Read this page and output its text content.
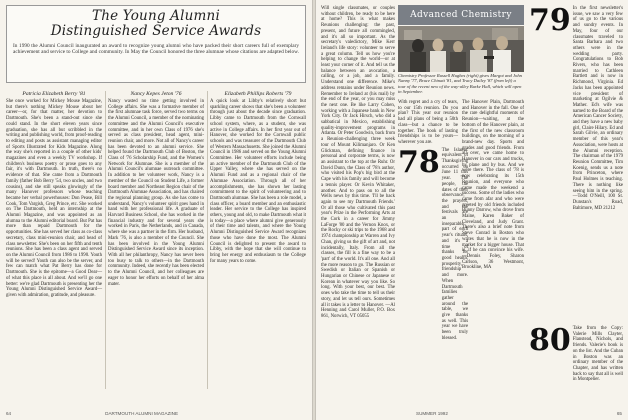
The Young Alumni
Distinguished Service Awards
In 1990 the Alumni Council inaugurated an award to recognize young alumni who have packed their short careers full of exemplary achievement and service to College and community. In May the Council honored the three alumnae whose citations are adapted below.
Patricia Elizabeth Berry '81
She once worked for Mickey Mouse Magazine, but there's nothing Mickey Mouse about her career—or, for that matter, her devotion to Dartmouth. She's been a stand-out since she could stand. In the short eleven years since graduation, she has all but scribbled in the writing and publishing world, from proof-reading to editing and posts as assistant managing editor of Sports Illustrated for Kids Magazine. Along the way she's reported in a couple of other kids' magazines and even a weekly TV workshop. If children's business poetry or prose goes to any fair, it's with Dartmouth. In truth, there's no evidence of that. She came from a Dartmouth family (father Bob Berry '54, two uncles, and two cousins), and she still speaks glowingly of the many Hanover professors whose teaching became her verbal powerhouses: Don Pease, Bill Cook, Tom Vargish, Greg Prince, etc. She worked on The Dartmouth, held an internship at the Alumni Magazine, and was appointed as an alumna to the Alumni editorial board. But Pat has more than repaid Dartmouth for the opportunities. She has served her class as co-class secretary, class mini-reunion chair, and head of class newsletter. She's been on her fifth and tenth reunions. She has been a class agent and served on the Alumni Council from 1986 to 1990. Youth will be served! Youth can also be the server, and few can match what Pat Berry has done for Dartmouth. She is the epitome—a Good Dear—of what this place is all about. And we'll go one better: we're glad Dartmouth is presenting her the Young Alumni Distinguished Service Award—given with admiration, gratitude, and pleasure.
Nancy Kepes Jeton '76
Nancy wasted no time getting involved in College affairs. She was a formative member of the first alumnae task force, served two terms on the Alumni Council, a member of the nominating committee and the Alumni Council's executive committee, and in her own Class of 1976 she's served as class president, head agent, mini-reunion chair, and more. Not all of Nancy's career has been devoted to an alumni service. She helped found the Dartmouth Club of Boston, the Class of '76 Scholarship Fund, and the Women's Network for Alumnae. She is a member of the Alumni Council's alumnae outreach committee. In addition to her volunteer work, Nancy is a member of the Council on Student Life, a former board member and Northeast Region chair of the Dartmouth Alumnae Association, and has chaired the regional planning group. As she has come to understand, Nancy's volunteer spirit goes hand in hand with her professional life. A graduate of Harvard Business School, she has worked in the financial industry and for several years she worked in Paris, the Netherlands, and in Canada, where she was a partner in the firm. Her husband, Mark '76, is also a member of the Council. She has been involved in the Young Alumni Distinguished Service Award since its inception. With all her philanthropy, Nancy has never been too busy to talk to others—in the Dartmouth community. Indeed, she recently has been elected to the Alumni Council, and her colleagues are eager to honor her efforts on behalf of her alma mater.
Elizabeth Phillips Roberts '79
A quick look at Libby's relatively short but sparkling career shows that she's been a volunteer through just about the decade since graduation. Libby came to Dartmouth from the Cornwall school system, where, as a student, she was active in College affairs. In her first year out of Hanover, she worked for the Cornwall public schools and was treasurer of the Dartmouth Club of Western Massachusetts. She joined the Alumni Council in 1986 and served on the Young Alumni Committee. Her volunteer efforts include being an active member of the Dartmouth Club of the Upper Valley, where she has served on the Alumni Fund and as a regional chair of the Alumnae Association. Through all of her accomplishments, she has shown her lasting commitment to the spirit of volunteering and to Dartmouth alumnae. She has been a role model, a class officer, a board member and an enthusiastic leader. Her service to the College has inspired others, young and old, to make Dartmouth what it is today—a place where alumni give generously of their time and talents, and where the Young Alumni Distinguished Service Award recognizes those who have done the most. The Alumni Council is delighted to present the award to Libby, with the hope that she will continue to bring her energy and enthusiasm to the College for many years to come.
64	DARTMOUTH ALUMNI MAGAZINE

Will single classmates, or couples without children, be ready to be here at home? This is what makes Reunions challenging: the past, present, and future all commingled, and it's all so important. As the secretary's valedictory, Mike Kerr Ireland's life story: volunteer to serve a great column. Tell us how you're helping to change the world—or at least your corner of it. And tell us the balance between an avocation, a calling, or a job, and a family. Understand one difference. Mike's address remains under Reunion news. Remember to Ireland at (his mail) by the end of the year, or you may miss the next one. Be like Larry Cohen, working with a Japanese bank in New York City. Or Jack Hirsch, who did a sabbatical in Mexico, establishing quality-improvement programs in Atlanta. Or Peter Goodwin, back from a Reunion-challenging three week tour of Mount Kilimanjaro. Or Ken Glickman, defining finance in personal and corporate terms, is now an assistant to the top at the Ruhr. Or David Dunn, the Class of '78's author, who visited his Pop's big bird at the Cape with his family and will become a tennis player. Or Kevin Whitaker, another. And to pass on to all the Wells news by this time. 'I'll be back again to see my Dartmouth Friends.' Or all those who cultivated this past year's Prize in the Performing Arts at the Cork in a career for Jimmy LaForge '80 and the Vernon Knox, or the Rocky or ski trips to the 1968 and 1974 championship at Warren and Ivy Chan, giving us the gift of art and, not incidentally, Italy. From all the classes, the fill is a fine way to be a 'part' of the world. It's all one. And all the more reason to go. The Russian or Swedish or Italian or Spanish or Hungarian or Chinese or Japanese or Korean in whatever way you like. So long. With your best, our best. The ones who take the time to tell us their story, and let us tell ours. Sometimes all it takes is a letter to Hanover. —Al Henning and Carol Muller, P.O. Box 861, Norwich, VT 05055

Advanced Chemistry
Chemistry Professor Russell Hughes (right) gives Margot and John Nanny '77, Bruce Chinatt '81, and Tracy Dailey '87 (from left) a tour of the recent new of the way-alley Burke Hall, which will open in September.

With regret and a cry of tears, to our 15th reunion. Do you plan? This year our reunion had all plans of being a 50th class—but a chance to be together. The book of lasting friendships is to be yours—wherever you are.

78 The Islamic equivalent of Thanksgiving occurred on June 11 this year. The people, the dates of their observance, the prayers, and the festivals are an inseparable part of each year's rituals, and it's a time of thanks for good health, prosperity, friendship and more. When Dartmouth families gather around the table, we give thanks as well. This year we have been truly blessed.

The Hanover Plain, Dartmouth and Hanover in the fall. One of the rare delightful moments of Reunion—waiting, at the bottom of the Hanover plain, at the first of the new classroom buildings, on the morning of a brand-new day. Sports and grades and good friends. From all over, we came home to Hanover in our cars and trucks, by plane and by bus. And we were there. The class of '78 is now celebrating its 15th Reunion, and everyone who came made the weekend a success. Some of the ladies who came from afar and who were greeted by old friends included Bunny Darrow, who drove from Maine, Karen Baker of Cleveland, and Judy Grant. There's also a brief note from Steve Conrad in Boston who writes that he is now in the market for a bigger house. That is, if he can convince his wife. —Dennis Foley, Sharon Carlson, 36 Westmont, Brookline, MA

79 In the first newsletter's issue, we saw a very few of us go to the various and sundry events. In May, four of our classmates traveled to Santa Barbara and two others were in the wedding party. Congratulations to Bob Rivers, who has been married to Cathleen Bartlett and is now in Richmond, Virginia. Ed Jacks has been appointed vice president of marketing at Ogilvie & Mather. Ed's wife was named to the Board of the American Cancer Society, and they have a new baby girl, Claire Hilary. Ed and Sarah Gilvie, an ordinary member of this year's Association, were hosts at the Alumni reception. The chairman of the 1979 Reunion Committee, Tim Koenig, sends us a note from Princeton, where Paul Holmes is teaching. There is nothing like seeing him in the spring. —Todd O'Neill, 100 St. Dunstan's Road, Baltimore, MD 21212
80 Take from the Copy: Valerie Mills Clayter, Flanstead, Nichols, and friends. Valerie's book is on the list. And the Cuban in Boston was an ordinary member of the Chapter, and has written back to say that all is well in Montpelier.
SUMMER 1992	65
